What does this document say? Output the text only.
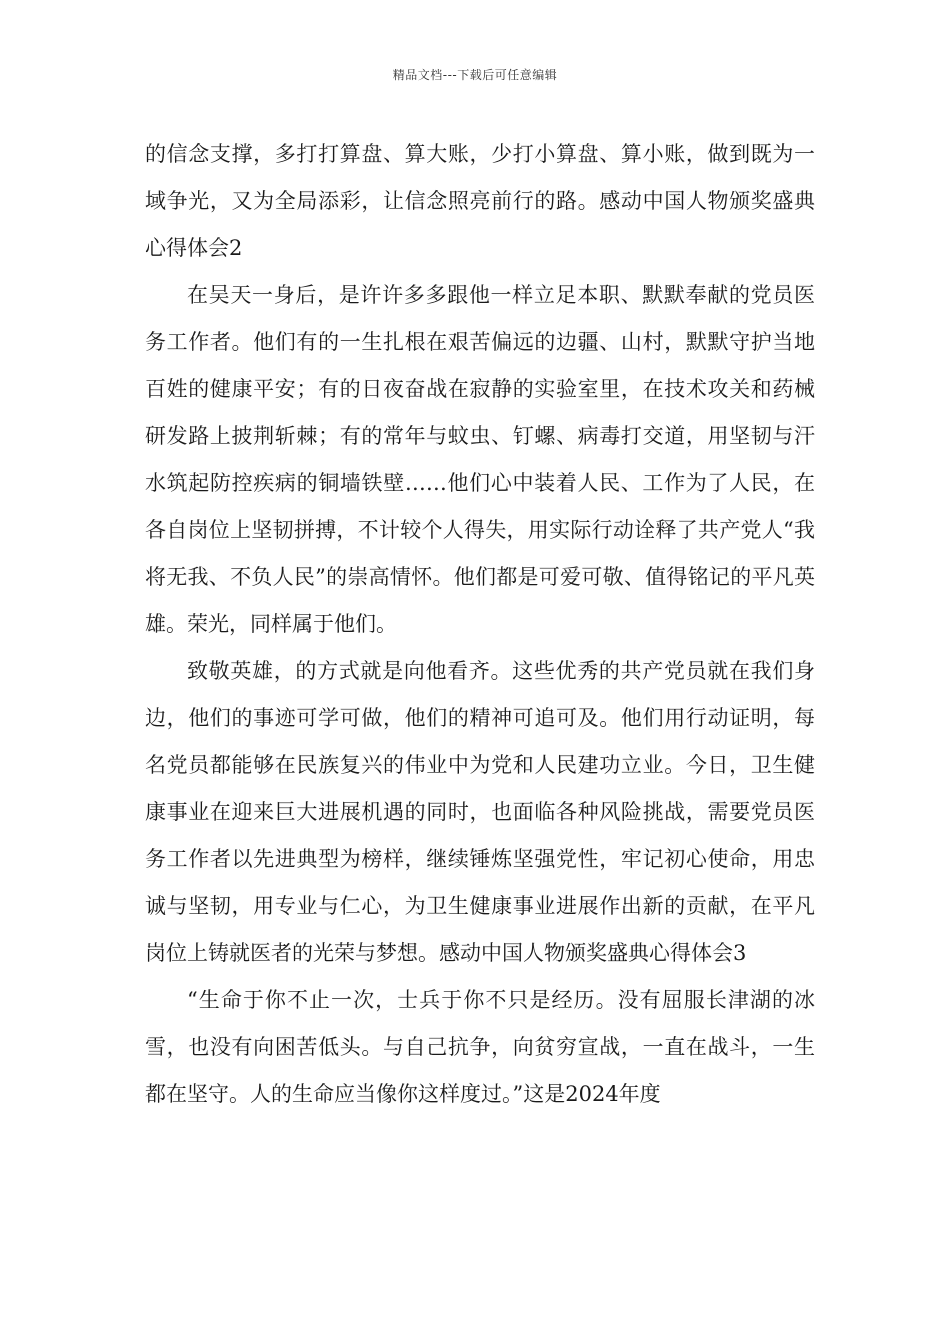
精品文档---下载后可任意编辑

的信念支撑，多打打算盘、算大账，少打小算盘、算小账，做到既为一域争光，又为全局添彩，让信念照亮前行的路。感动中国人物颁奖盛典心得体会2

在吴天一身后，是许许多多跟他一样立足本职、默默奉献的党员医务工作者。他们有的一生扎根在艰苦偏远的边疆、山村，默默守护当地百姓的健康平安；有的日夜奋战在寂静的实验室里，在技术攻关和药械研发路上披荆斩棘；有的常年与蚊虫、钉螺、病毒打交道，用坚韧与汗水筑起防控疾病的铜墙铁壁……他们心中装着人民、工作为了人民，在各自岗位上坚韧拼搏，不计较个人得失，用实际行动诠释了共产党人“我将无我、不负人民”的崇高情怀。他们都是可爱可敬、值得铭记的平凡英雄。荣光，同样属于他们。

致敬英雄，的方式就是向他看齐。这些优秀的共产党员就在我们身边，他们的事迹可学可做，他们的精神可追可及。他们用行动证明，每名党员都能够在民族复兴的伟业中为党和人民建功立业。今日，卫生健康事业在迎来巨大进展机遇的同时，也面临各种风险挑战，需要党员医务工作者以先进典型为榜样，继续锤炼坚强党性，牢记初心使命，用忠诚与坚韧，用专业与仁心，为卫生健康事业进展作出新的贡献，在平凡岗位上铸就医者的光荣与梦想。感动中国人物颁奖盛典心得体会3

“生命于你不止一次，士兵于你不只是经历。没有屈服长津湖的冰雪，也没有向困苦低头。与自己抗争，向贫穷宣战，一直在战斗，一生都在坚守。人的生命应当像你这样度过。”这是2024年度
